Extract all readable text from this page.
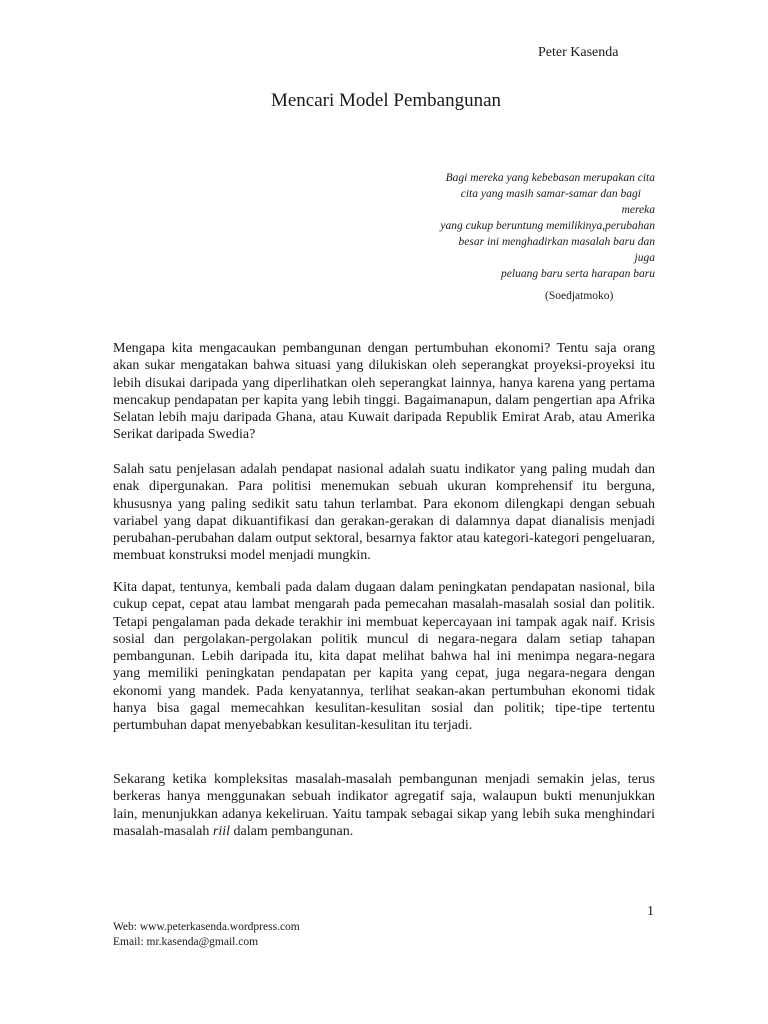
Peter Kasenda
Mencari Model Pembangunan
Bagi mereka yang kebebasan merupakan cita
cita yang masih samar-samar dan bagi
mereka
yang cukup beruntung memilikinya,perubahan
besar ini menghadirkan masalah baru dan
juga
peluang baru serta harapan baru
(Soedjatmoko)
Mengapa kita mengacaukan pembangunan dengan pertumbuhan ekonomi? Tentu saja orang akan sukar mengatakan bahwa situasi yang dilukiskan oleh seperangkat proyeksi-proyeksi itu lebih disukai daripada yang diperlihatkan oleh seperangkat lainnya, hanya karena yang pertama mencakup pendapatan per kapita yang lebih tinggi. Bagaimanapun, dalam pengertian apa Afrika Selatan lebih maju daripada Ghana, atau Kuwait daripada Republik Emirat Arab, atau Amerika Serikat daripada Swedia?
Salah satu penjelasan adalah pendapat nasional adalah suatu indikator yang paling mudah dan enak dipergunakan. Para politisi menemukan sebuah ukuran komprehensif itu berguna, khususnya yang paling sedikit satu tahun terlambat. Para ekonom dilengkapi dengan sebuah variabel yang dapat dikuantifikasi dan gerakan-gerakan di dalamnya dapat dianalisis menjadi perubahan-perubahan dalam output sektoral, besarnya faktor atau kategori-kategori pengeluaran, membuat konstruksi model menjadi mungkin.
Kita dapat, tentunya, kembali pada dalam dugaan dalam peningkatan pendapatan nasional, bila cukup cepat, cepat atau lambat mengarah pada pemecahan masalah-masalah sosial dan politik. Tetapi pengalaman pada dekade terakhir ini membuat kepercayaan ini tampak agak naif. Krisis sosial dan pergolakan-pergolakan politik muncul di negara-negara dalam setiap tahapan pembangunan. Lebih daripada itu, kita dapat melihat bahwa hal ini menimpa negara-negara yang memiliki peningkatan pendapatan per kapita yang cepat, juga negara-negara dengan ekonomi yang mandek. Pada kenyatannya, terlihat seakan-akan pertumbuhan ekonomi tidak hanya bisa gagal memecahkan kesulitan-kesulitan sosial dan politik; tipe-tipe tertentu pertumbuhan dapat menyebabkan kesulitan-kesulitan itu terjadi.
Sekarang ketika kompleksitas masalah-masalah pembangunan menjadi semakin jelas, terus berkeras hanya menggunakan sebuah indikator agregatif saja, walaupun bukti menunjukkan lain, menunjukkan adanya kekeliruan. Yaitu tampak sebagai sikap yang lebih suka menghindari masalah-masalah riil dalam pembangunan.
1
Web: www.peterkasenda.wordpress.com
Email: mr.kasenda@gmail.com
